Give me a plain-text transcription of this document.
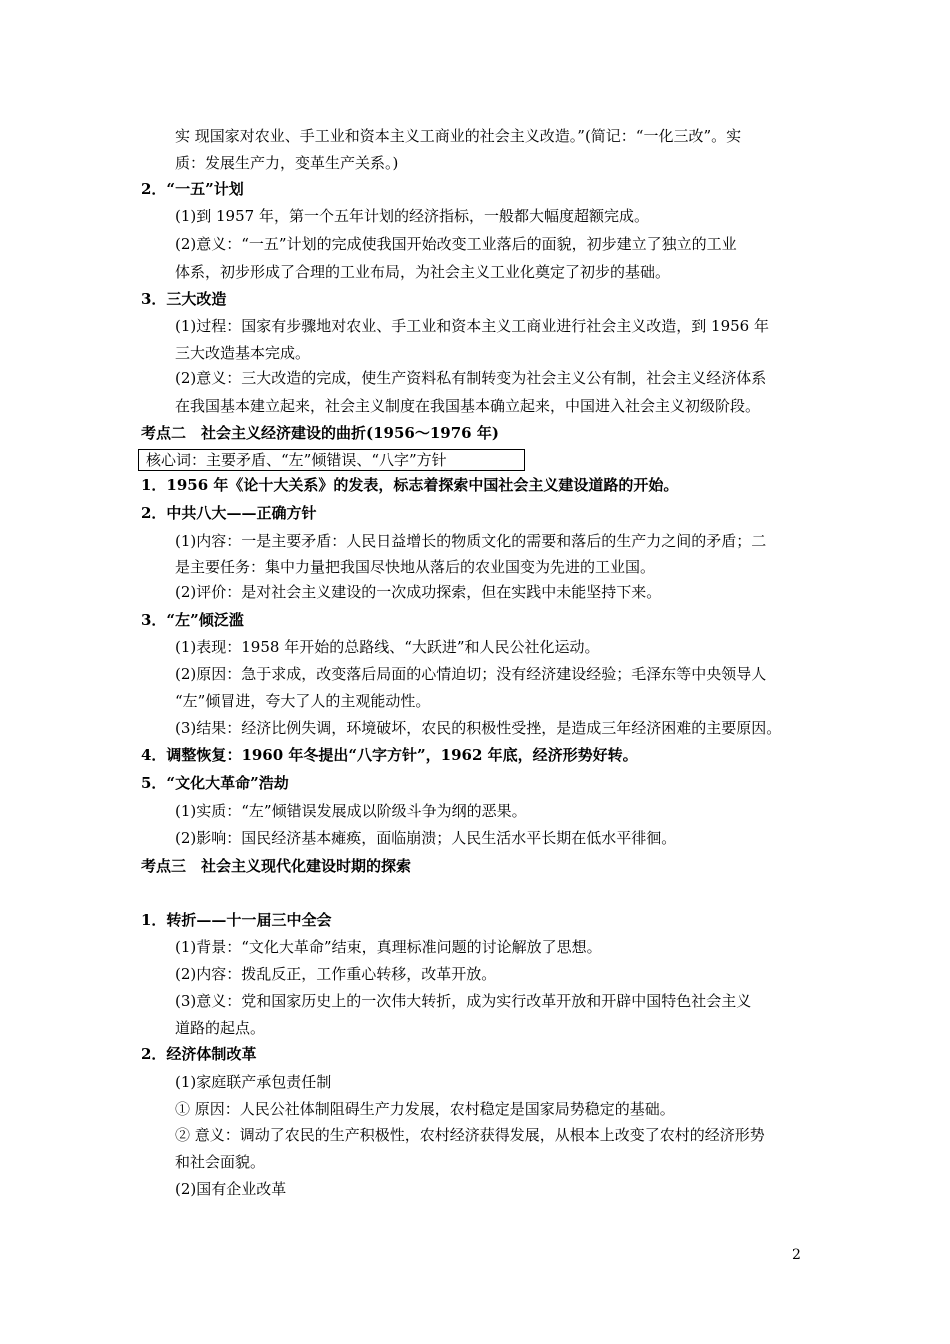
实 现国家对农业、手工业和资本主义工商业的社会主义改造。”(简记：“一化三改”。实
质：发展生产力，变革生产关系。)
2．“一五”计划
(1)到 1957 年，第一个五年计划的经济指标，一般都大幅度超额完成。
(2)意义：“一五”计划的完成使我国开始改变工业落后的面貌，初步建立了独立的工业
体系，初步形成了合理的工业布局，为社会主义工业化奠定了初步的基础。
3．三大改造
(1)过程：国家有步骤地对农业、手工业和资本主义工商业进行社会主义改造，到 1956 年
三大改造基本完成。
(2)意义：三大改造的完成，使生产资料私有制转变为社会主义公有制，社会主义经济体系
在我国基本建立起来，社会主义制度在我国基本确立起来，中国进入社会主义初级阶段。
考点二　社会主义经济建设的曲折(1956～1976 年)
核心词：主要矛盾、“左”倾错误、“八字”方针
1．1956 年《论十大关系》的发表，标志着探索中国社会主义建设道路的开始。
2．中共八大——正确方针
(1)内容：一是主要矛盾：人民日益增长的物质文化的需要和落后的生产力之间的矛盾；二
是主要任务：集中力量把我国尽快地从落后的农业国变为先进的工业国。
(2)评价：是对社会主义建设的一次成功探索，但在实践中未能坚持下来。
3．“左”倾泛滥
(1)表现：1958 年开始的总路线、“大跃进”和人民公社化运动。
(2)原因：急于求成，改变落后局面的心情迫切；没有经济建设经验；毛泽东等中央领导人
“左”倾冒进，夸大了人的主观能动性。
(3)结果：经济比例失调，环境破坏，农民的积极性受挫，是造成三年经济困难的主要原因。
4．调整恢复：1960 年冬提出“八字方针”，1962 年底，经济形势好转。
5．“文化大革命”浩劫
(1)实质：“左”倾错误发展成以阶级斗争为纲的恶果。
(2)影响：国民经济基本瘫痪，面临崩溃；人民生活水平长期在低水平徘徊。
考点三　社会主义现代化建设时期的探索
1．转折——十一届三中全会
(1)背景：“文化大革命”结束，真理标准问题的讨论解放了思想。
(2)内容：拨乱反正，工作重心转移，改革开放。
(3)意义：党和国家历史上的一次伟大转折，成为实行改革开放和开辟中国特色社会主义
道路的起点。
2．经济体制改革
(1)家庭联产承包责任制
① 原因：人民公社体制阻碍生产力发展，农村稳定是国家局势稳定的基础。
② 意义：调动了农民的生产积极性，农村经济获得发展，从根本上改变了农村的经济形势
和社会面貌。
(2)国有企业改革
2
